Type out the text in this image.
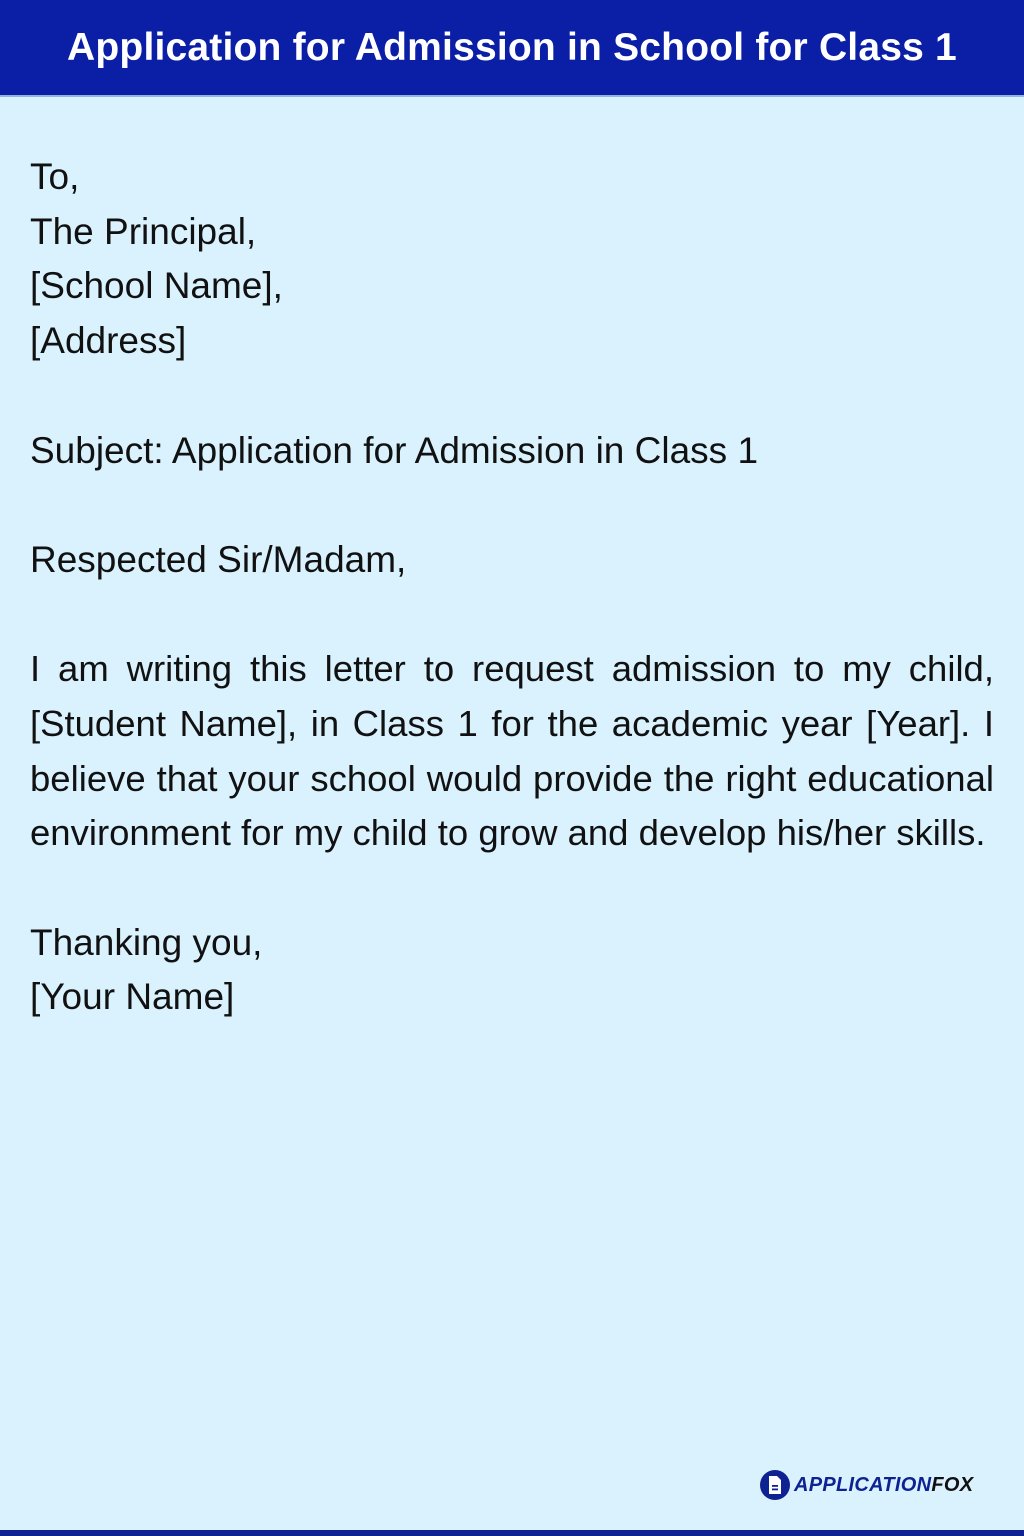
Application for Admission in School for Class 1
To,
The Principal,
[School Name],
[Address]
Subject: Application for Admission in Class 1
Respected Sir/Madam,
I am writing this letter to request admission to my child, [Student Name], in Class 1 for the academic year [Year]. I believe that your school would provide the right educational environment for my child to grow and develop his/her skills.
Thanking you,
[Your Name]
APPLICATIONFOX
